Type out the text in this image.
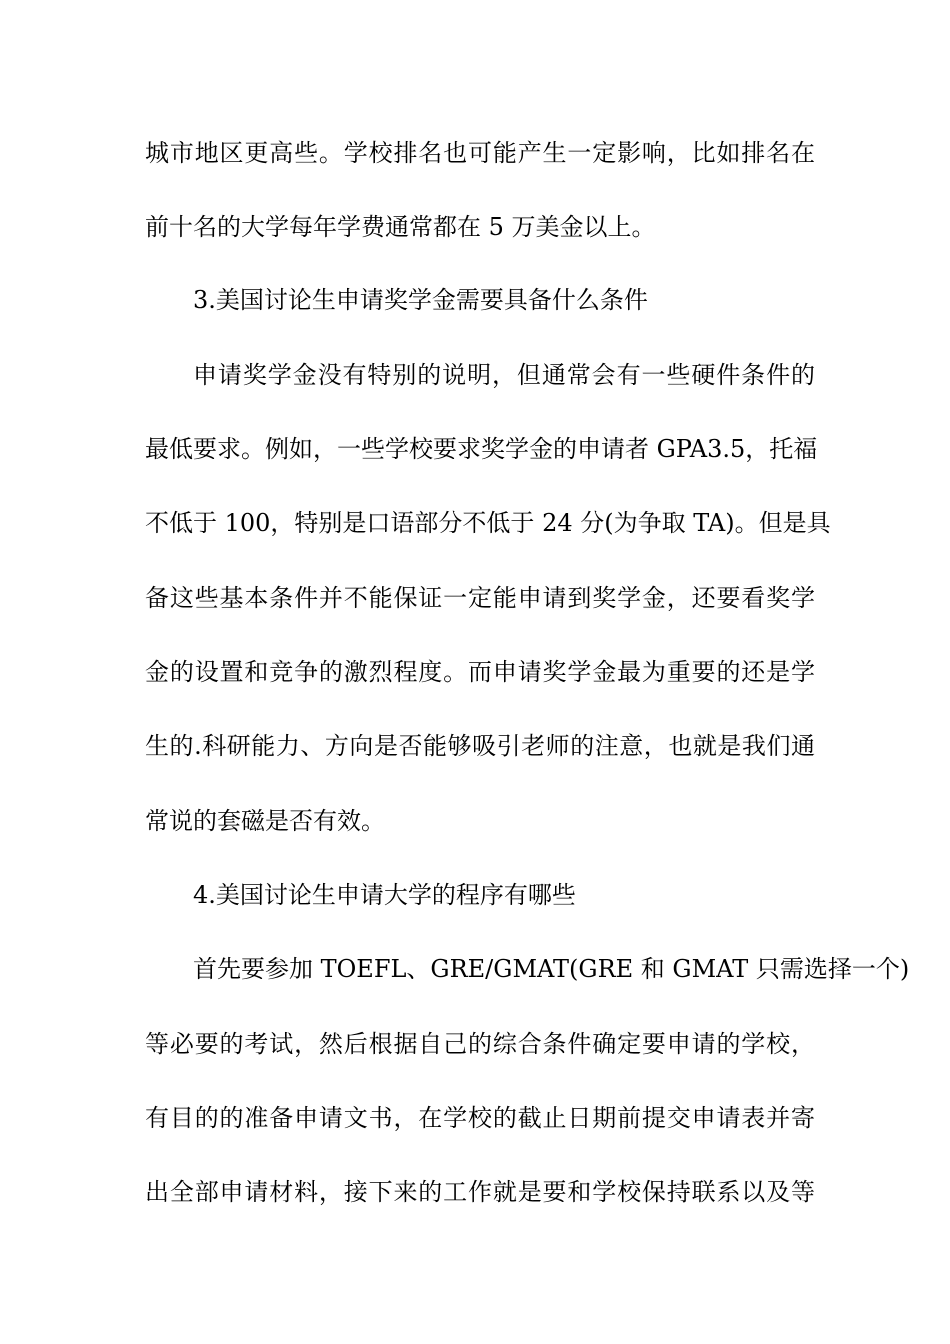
城市地区更高些。学校排名也可能产生一定影响，比如排名在
前十名的大学每年学费通常都在 5 万美金以上。
3.美国讨论生申请奖学金需要具备什么条件
申请奖学金没有特别的说明，但通常会有一些硬件条件的
最低要求。例如，一些学校要求奖学金的申请者 GPA3.5，托福
不低于 100，特别是口语部分不低于 24 分(为争取 TA)。但是具
备这些基本条件并不能保证一定能申请到奖学金，还要看奖学
金的设置和竞争的激烈程度。而申请奖学金最为重要的还是学
生的.科研能力、方向是否能够吸引老师的注意，也就是我们通
常说的套磁是否有效。
4.美国讨论生申请大学的程序有哪些
首先要参加 TOEFL、GRE/GMAT(GRE 和 GMAT 只需选择一个)
等必要的考试，然后根据自己的综合条件确定要申请的学校，
有目的的准备申请文书，在学校的截止日期前提交申请表并寄
出全部申请材料，接下来的工作就是要和学校保持联系以及等
